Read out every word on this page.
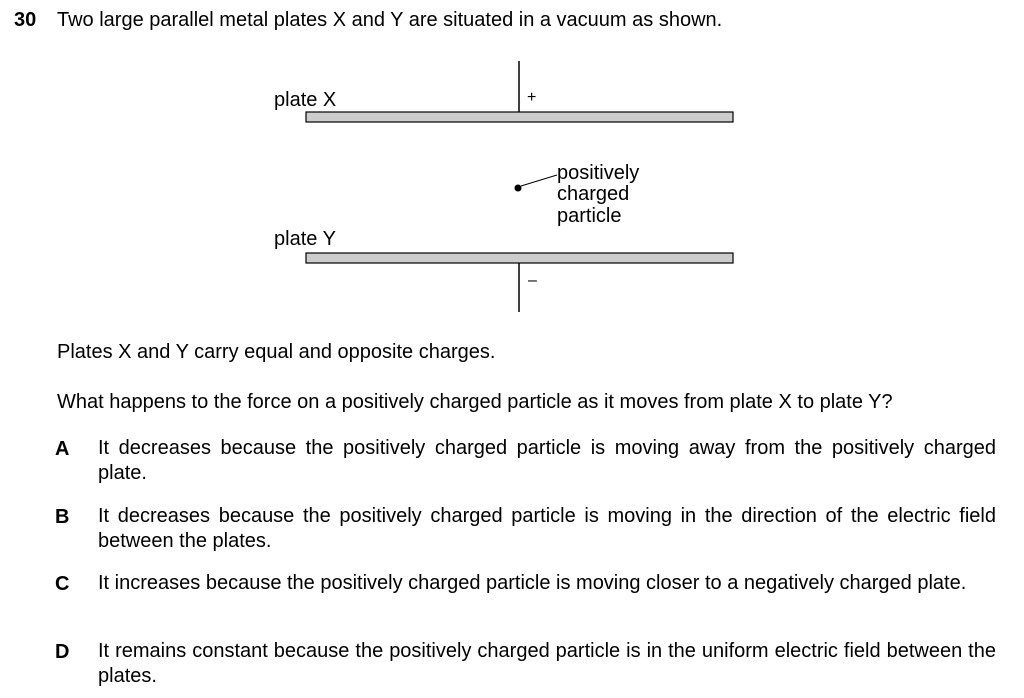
30 Two large parallel metal plates X and Y are situated in a vacuum as shown.
plate X	+
positively
charged
particle
plate Y
–
Plates X and Y carry equal and opposite charges.
What happens to the force on a positively charged particle as it moves from plate X to plate Y?
A It decreases because the positively charged particle is moving away from the positively charged plate.
B It decreases because the positively charged particle is moving in the direction of the electric field between the plates.
C It increases because the positively charged particle is moving closer to a negatively charged plate.
D It remains constant because the positively charged particle is in the uniform electric field between the plates.
